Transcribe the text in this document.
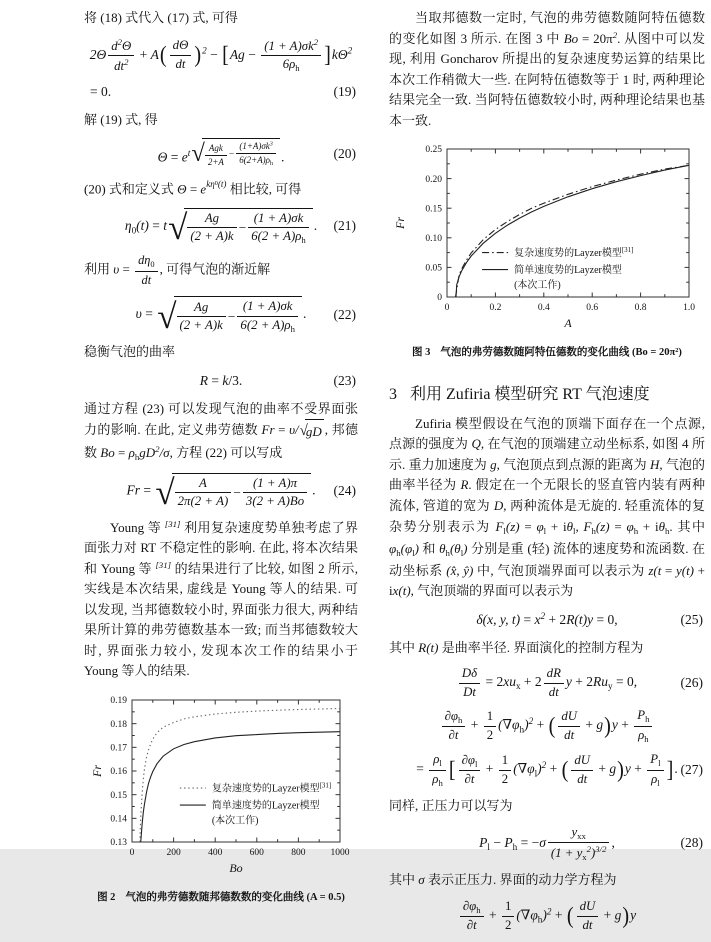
将 (18) 式代入 (17) 式, 可得

$2\Theta \frac{d^2\Theta}{dt^2} + A( \frac{d\Theta}{dt} )^2 - [Ag - \frac{(1 + A)\sigma k^2}{6\rho_h} ]k\Theta^2$
= 0.	(19)

解 (19) 式, 得

Θ = e t √ Agk
2+A
− $\frac{(1+A)\sigma k^3}{6(2+A)\rho_h}$ .	(20)

(20) 式和定义式 Θ = e kη 0 (t) 相比较, 可得

$\eta_0(t) = t$ √	Ag
(2 + A)k
− $\frac{(1 + A)\sigma k}{6(2 + A)\rho_h}$ . (21)

利用 $\upsilon = \frac{d\eta_0}{dt}$ , 可得气泡的渐近解

υ = √	Ag
(2 + A)k
− $\frac{(1 + A)\sigma k}{6(2 + A)\rho_h}$ . (22)

稳衡气泡的曲率

R = k/3.	(23)

通过方程 (23) 可以发现气泡的曲率不受界面张力的影响. 在此, 定义弗劳德数 Fr = υ/ √
gD , 邦德数 $Bo = \rho_hgD^2/\sigma$, 方程 (22) 可以写成

Fr = √	A
2π(2 + A)
− $\frac{(1 + A)\pi}{3(2 + A)Bo}$ . (24)

Young 等 [31] 利用复杂速度势单独考虑了界面张力对 RT 不稳定性的影响. 在此, 将本次结果和 Young 等 [31] 的结果进行了比较, 如图 2 所示, 实线是本次结果, 虚线是 Young 等人的结果. 可以发现, 当邦德数较小时, 界面张力很大, 两种结果所计算的弗劳德数基本一致; 而当邦德数较大时, 界面张力较小, 发现本次工作的结果小于 Young 等人的结果.

0	200	400	600	800	1000
0.13
0.14
0.15
0.16
0.17
0.18
0.19
Bo
Fr
复杂速度势的Layzer模型[31]
简单速度势的Layzer模型
(本次工作)
图 2 气泡的弗劳德数随邦德数数的变化曲线 (A = 0.5)

当取邦德数一定时, 气泡的弗劳德数随阿特伍德数的变化如图 3 所示. 在图 3 中 $Bo = 20\pi^2$. 从图中可以发现, 利用 Goncharov 所提出的复杂速度势运算的结果比本次工作稍微大一些. 在阿特伍德数等于 1 时, 两种理论结果完全一致. 当阿特伍德数较小时, 两种理论结果也基本一致.

0	0.2	0.4	0.6	0.8	1.0
0
0.05
0.10
0.15
0.20
0.25
A
Fr
复杂速度势的Layzer模型[31]
简单速度势的Layzer模型
(本次工作)
图 3 气泡的弗劳德数随阿特伍德数的变化曲线 (Bo = 20π²)
3 利用 Zufiria 模型研究 RT 气泡速度

Zufiria 模型假设在气泡的顶端下面存在一个点源, 点源的强度为 Q, 在气泡的顶端建立动坐标系, 如图 4 所示. 重力加速度为 g, 气泡顶点到点源的距离为 H, 气泡的曲率半径为 R. 假定在一个无限长的竖直管内装有两种流体, 管道的宽为 D, 两种流体是无旋的. 轻重流体的复杂势分别表示为 $F_l(z) = \varphi_l + i\theta_l$, $F_h(z) = \varphi_h + i\theta_h$. 其中 $\varphi_h(\varphi_l)$ 和 $\theta_h(\theta_l)$ 分别是重 (轻) 流体的速度势和流函数. 在动坐标系 (x̂, ŷ) 中, 气泡顶端界面可以表示为 z(t = y(t) + ix(t), 气泡顶端的界面可以表示为

δ(x, y, $t) = x^2 + 2R(t)y = 0$,	(25)

其中 R(t) 是曲率半径. 界面演化的控制方程为

$\frac{D\delta}{Dt} = 2xu_x + 2 \frac{dR}{dt}$ $y + 2Ru_y = 0$,	(26)
$\frac{\partial\varphi_h}{\partial t} + \frac{1}{2} (\nabla\varphi_h)^2$ + ( $\frac{dU}{dt} + g)y + \frac{P_h}{\rho_h}$
= $\frac{\rho_l}{\rho_h}$ [ $\frac{\partial\varphi_l}{\partial t} + \frac{1}{2} (\nabla\varphi_l)^2$ + ( $\frac{dU}{dt} + g)y + \frac{P_l}{\rho_l}$ ]. (27)

同样, 正压力可以写为

$P_l - P_h = -\sigma$
$y_{xx}$
$(1 + y_x^2)^{3/2}$ ,	(28)

其中 σ 表示正压力. 界面的动力学方程为

$\frac{\partial\varphi_h}{\partial t} + \frac{1}{2} (\nabla\varphi_h)^2$ + ( $\frac{dU}{dt} + g)y$
